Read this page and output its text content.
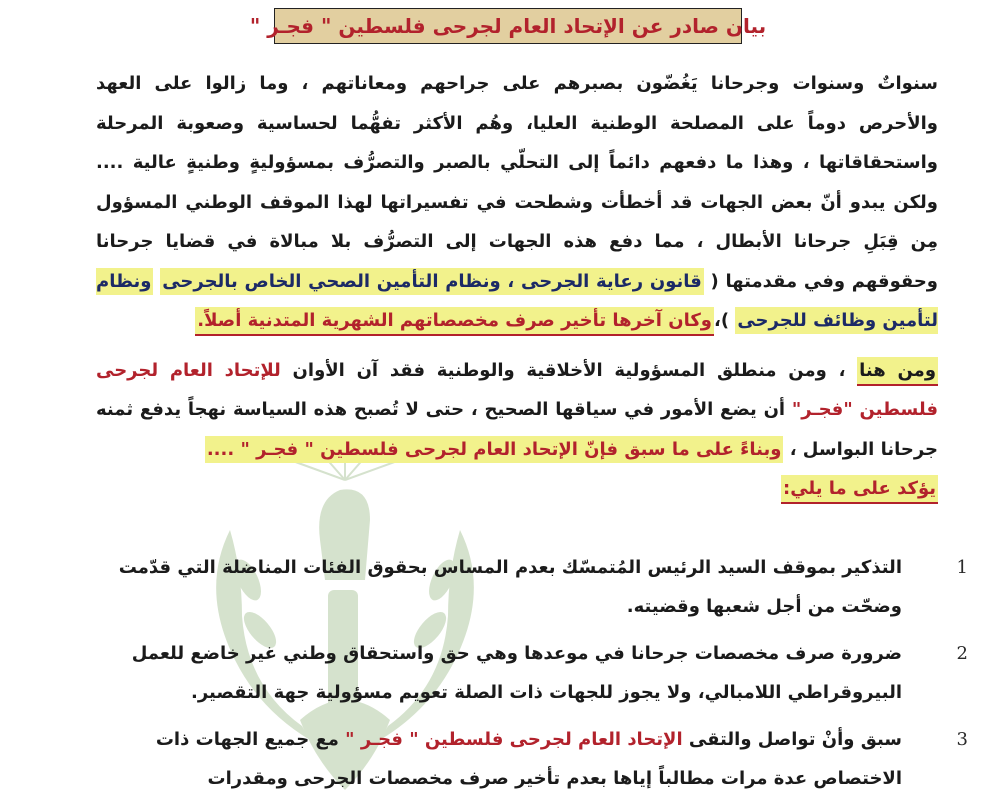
بيان صادر عن الإتحاد العام لجرحى فلسطين " فجـر "

سنواتٌ وسنوات وجرحانا يَغُضّون بصبرهم على جراحهم ومعاناتهم ، وما زالوا على العهد والأحرص دوماً على المصلحة الوطنية العليا، وهُم الأكثر تفهُّما لحساسية وصعوبة المرحلة واستحقاقاتها ، وهذا ما دفعهم دائماً إلى التحلّي بالصبر والتصرُّف بمسؤوليةٍ وطنيةٍ عالية .... ولكن يبدو أنّ بعض الجهات قد أخطأت وشطحت في تفسيراتها لهذا الموقف الوطني المسؤول مِن قِبَلِ جرحانا الأبطال ، مما دفع هذه الجهات إلى التصرُّف بلا مبالاة في قضايا جرحانا وحقوقهم وفي مقدمتها ( قانون رعاية الجرحى ، ونظام التأمين الصحي الخاص بالجرحى ونظام لتأمين وظائف للجرحى )،وكان آخرها تأخير صرف مخصصاتهم الشهرية المتدنية أصلاً.

ومن هنا ، ومن منطلق المسؤولية الأخلاقية والوطنية فقد آن الأوان للإتحاد العام لجرحى فلسطين "فجـر" أن يضع الأمور في سياقها الصحيح ، حتى لا تُصبح هذه السياسة نهجاً يدفع ثمنه جرحانا البواسل ، وبناءً على ما سبق فإنّ الإتحاد العام لجرحى فلسطين " فجـر " ....
يؤكد على ما يلي:

1
التذكير بموقف السيد الرئيس المُتمسّك بعدم المساس بحقوق الفئات المناضلة التي قدّمت وضحّت من أجل شعبها وقضيته.
2
ضرورة صرف مخصصات جرحانا في موعدها وهي حق واستحقاق وطني غير خاضع للعمل البيروقراطي اللامبالي، ولا يجوز للجهات ذات الصلة تعويم مسؤولية جهة التقصير.
3
سبق وأنْ تواصل والتقى الإتحاد العام لجرحى فلسطين " فجـر " مع جميع الجهات ذات الاختصاص عدة مرات مطالباً إياها بعدم تأخير صرف مخصصات الجرحى ومقدرات
